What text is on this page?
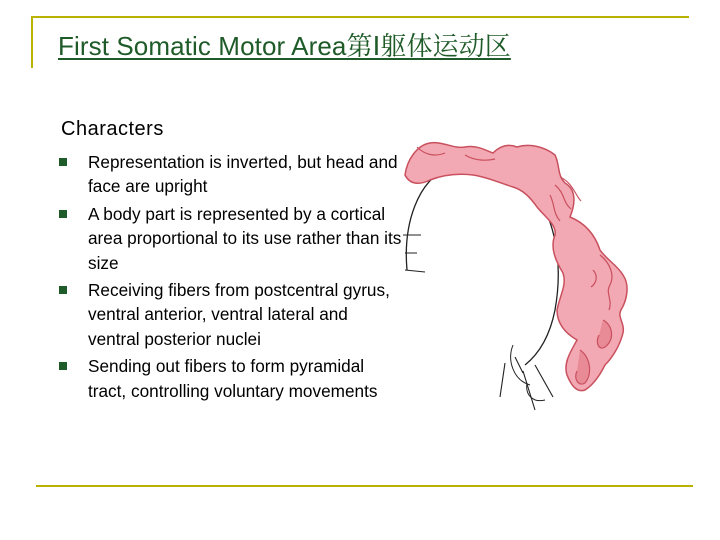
First Somatic Motor Area第Ⅰ躯体运动区
Characters
Representation is inverted, but head and face are upright
A body part is represented by a cortical area proportional to its use rather than its size
Receiving fibers from postcentral gyrus, ventral anterior, ventral lateral and ventral posterior nuclei
Sending out fibers to form pyramidal tract, controlling voluntary movements
